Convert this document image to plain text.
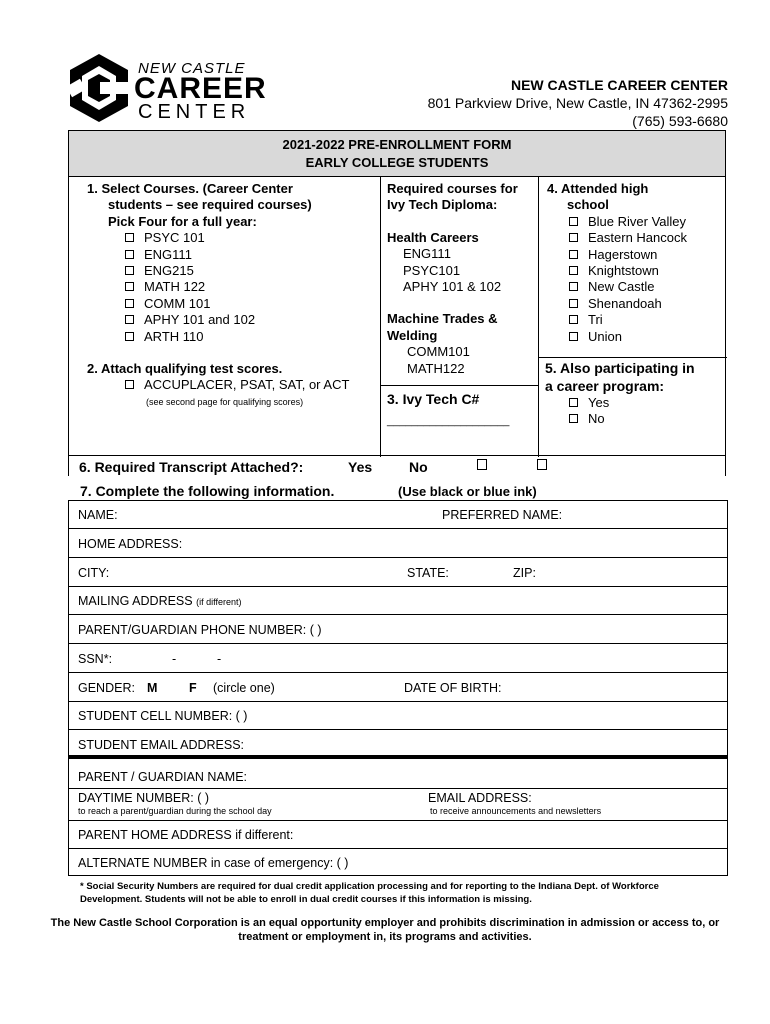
NEW CASTLE
CAREER
CENTER
NEW CASTLE CAREER CENTER
801 Parkview Drive, New Castle, IN 47362-2995
(765) 593-6680
2021-2022 PRE-ENROLLMENT FORM
EARLY COLLEGE STUDENTS
1. Select Courses. (Career Center
students – see required courses)
Pick Four for a full year:
PSYC 101
ENG111
ENG215
MATH 122
COMM 101
APHY 101 and 102
ARTH 110
2. Attach qualifying test scores.
ACCUPLACER, PSAT, SAT, or ACT
(see second page for qualifying scores)
Required courses for
Ivy Tech Diploma:
Health Careers
ENG111
PSYC101
APHY 101 & 102
Machine Trades &
Welding
COMM101
MATH122
3. Ivy Tech C#
____________________
4. Attended high
school
Blue River Valley
Eastern Hancock
Hagerstown
Knightstown
New Castle
Shenandoah
Tri
Union
5. Also participating in
a career program:
Yes
No
6. Required Transcript Attached?:	Yes	No
7. Complete the following information.	(Use black or blue ink)
NAME:	PREFERRED NAME:
HOME ADDRESS:
CITY:	STATE:	ZIP:
MAILING ADDRESS (if different)
PARENT/GUARDIAN PHONE NUMBER: ( )
SSN*:	-	-
GENDER: M	F (circle one)	DATE OF BIRTH:
STUDENT CELL NUMBER: ( )
STUDENT EMAIL ADDRESS:
PARENT / GUARDIAN NAME:
DAYTIME NUMBER: ( )
to reach a parent/guardian during the school day
EMAIL ADDRESS:
to receive announcements and newsletters
PARENT HOME ADDRESS if different:
ALTERNATE NUMBER in case of emergency: ( )
* Social Security Numbers are required for dual credit application processing and for reporting to the Indiana Dept. of Workforce
Development. Students will not be able to enroll in dual credit courses if this information is missing.
The New Castle School Corporation is an equal opportunity employer and prohibits discrimination in admission or access to, or
treatment or employment in, its programs and activities.
